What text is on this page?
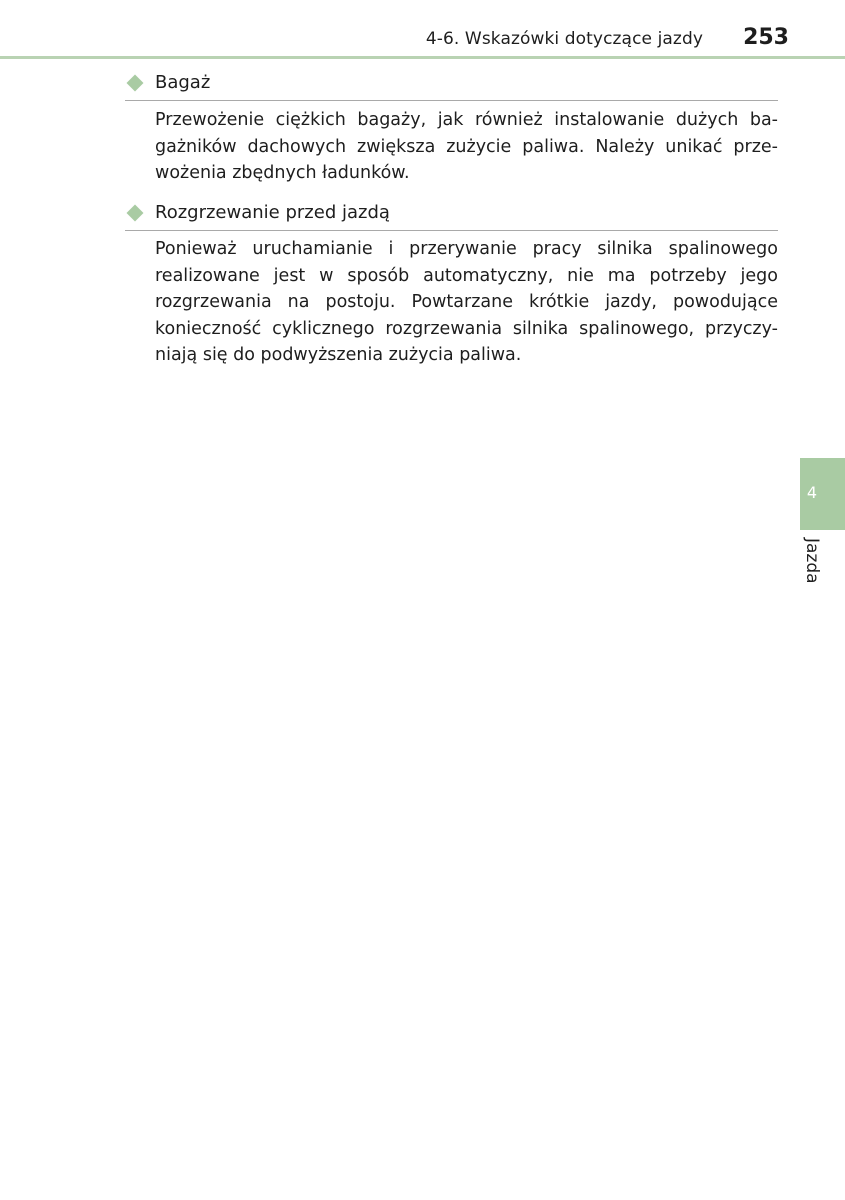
4-6. Wskazówki dotyczące jazdy 253
Bagaż

Przewożenie ciężkich bagaży, jak również instalowanie dużych ba-
gażników dachowych zwiększa zużycie paliwa. Należy unikać prze-
wożenia zbędnych ładunków.

Rozgrzewanie przed jazdą

Ponieważ uruchamianie i przerywanie pracy silnika spalinowego
realizowane jest w sposób automatyczny, nie ma potrzeby jego
rozgrzewania na postoju. Powtarzane krótkie jazdy, powodujące
konieczność cyklicznego rozgrzewania silnika spalinowego, przyczy-
niają się do podwyższenia zużycia paliwa.

4
Jazda
